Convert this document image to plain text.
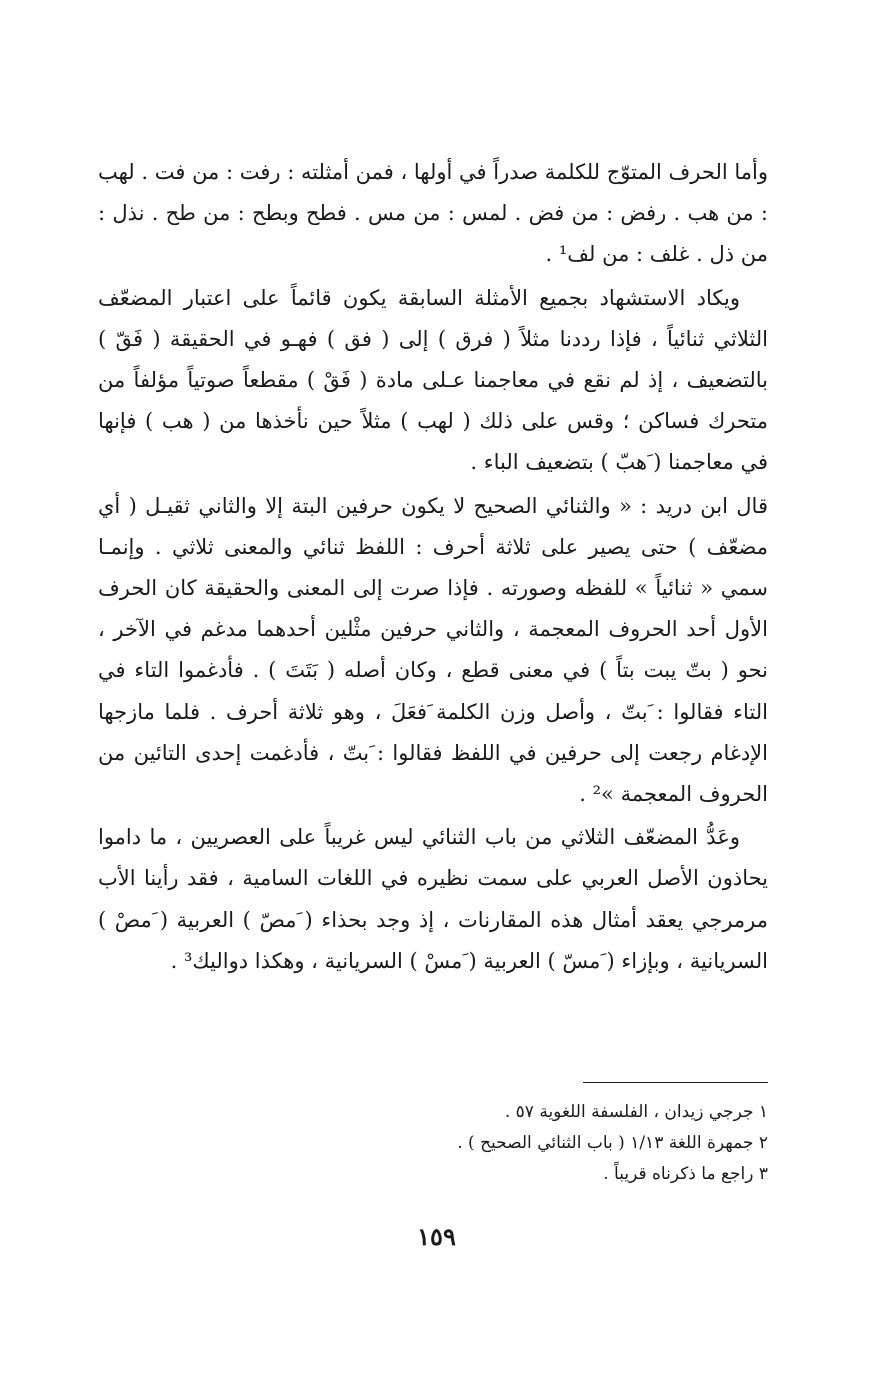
وأما الحرف المتوّج للكلمة صدراً في أولها ، فمن أمثلته : رفت : من فت . لهب : من هب . رفض : من فض . لمس : من مس . فطح وبطح : من طح . نذل : من ذل . غلف : من لف¹ .

ويكاد الاستشهاد بجميع الأمثلة السابقة يكون قائماً على اعتبار المضعّف الثلاثي ثنائياً ، فإذا رددنا مثلاً ( فرق ) إلى ( فق ) فهـو في الحقيقة ( فَقّ ) بالتضعيف ، إذ لم نقع في معاجمنا عـلى مادة ( فَقْ ) مقطعاً صوتياً مؤلفاً من متحرك فساكن ؛ وقس على ذلك ( لهب ) مثلاً حين نأخذها من ( هب ) فإنها في معاجمنا ( َهبّ ) بتضعيف الباء .

قال ابن دريد : « والثنائي الصحيح لا يكون حرفين البتة إلا والثاني ثقيـل ( أي مضعّف ) حتى يصير على ثلاثة أحرف : اللفظ ثنائي والمعنى ثلاثي . وإنمـا سمي « ثنائياً » للفظه وصورته . فإذا صرت إلى المعنى والحقيقة كان الحرف الأول أحد الحروف المعجمة ، والثاني حرفين مثْلين أحدهما مدغم في الآخر ، نحو ( بتّ يبت بتاً ) في معنى قطع ، وكان أصله ( بَتَتَ ) . فأدغموا التاء في التاء فقالوا : َبتّ ، وأصل وزن الكلمة َفعَلَ ، وهو ثلاثة أحرف . فلما مازجها الإدغام رجعت إلى حرفين في اللفظ فقالوا : َبتّ ، فأدغمت إحدى التائين من الحروف المعجمة »² .

وعَدُّ المضعّف الثلاثي من باب الثنائي ليس غريباً على العصريين ، ما داموا يحاذون الأصل العربي على سمت نظيره في اللغات السامية ، فقد رأينا الأب مرمرجي يعقد أمثال هذه المقارنات ، إذ وجد بحذاء ( َمصّ ) العربية ( َمصْ ) السريانية ، وبإزاء ( َمسّ ) العربية ( َمسْ ) السريانية ، وهكذا دواليك³ .

١ جرجي زيدان ، الفلسفة اللغوية ٥٧ .

٢ جمهرة اللغة ١/١٣ ( باب الثنائي الصحيح ) .

٣ راجع ما ذكرناه قريباً .

١٥٩
